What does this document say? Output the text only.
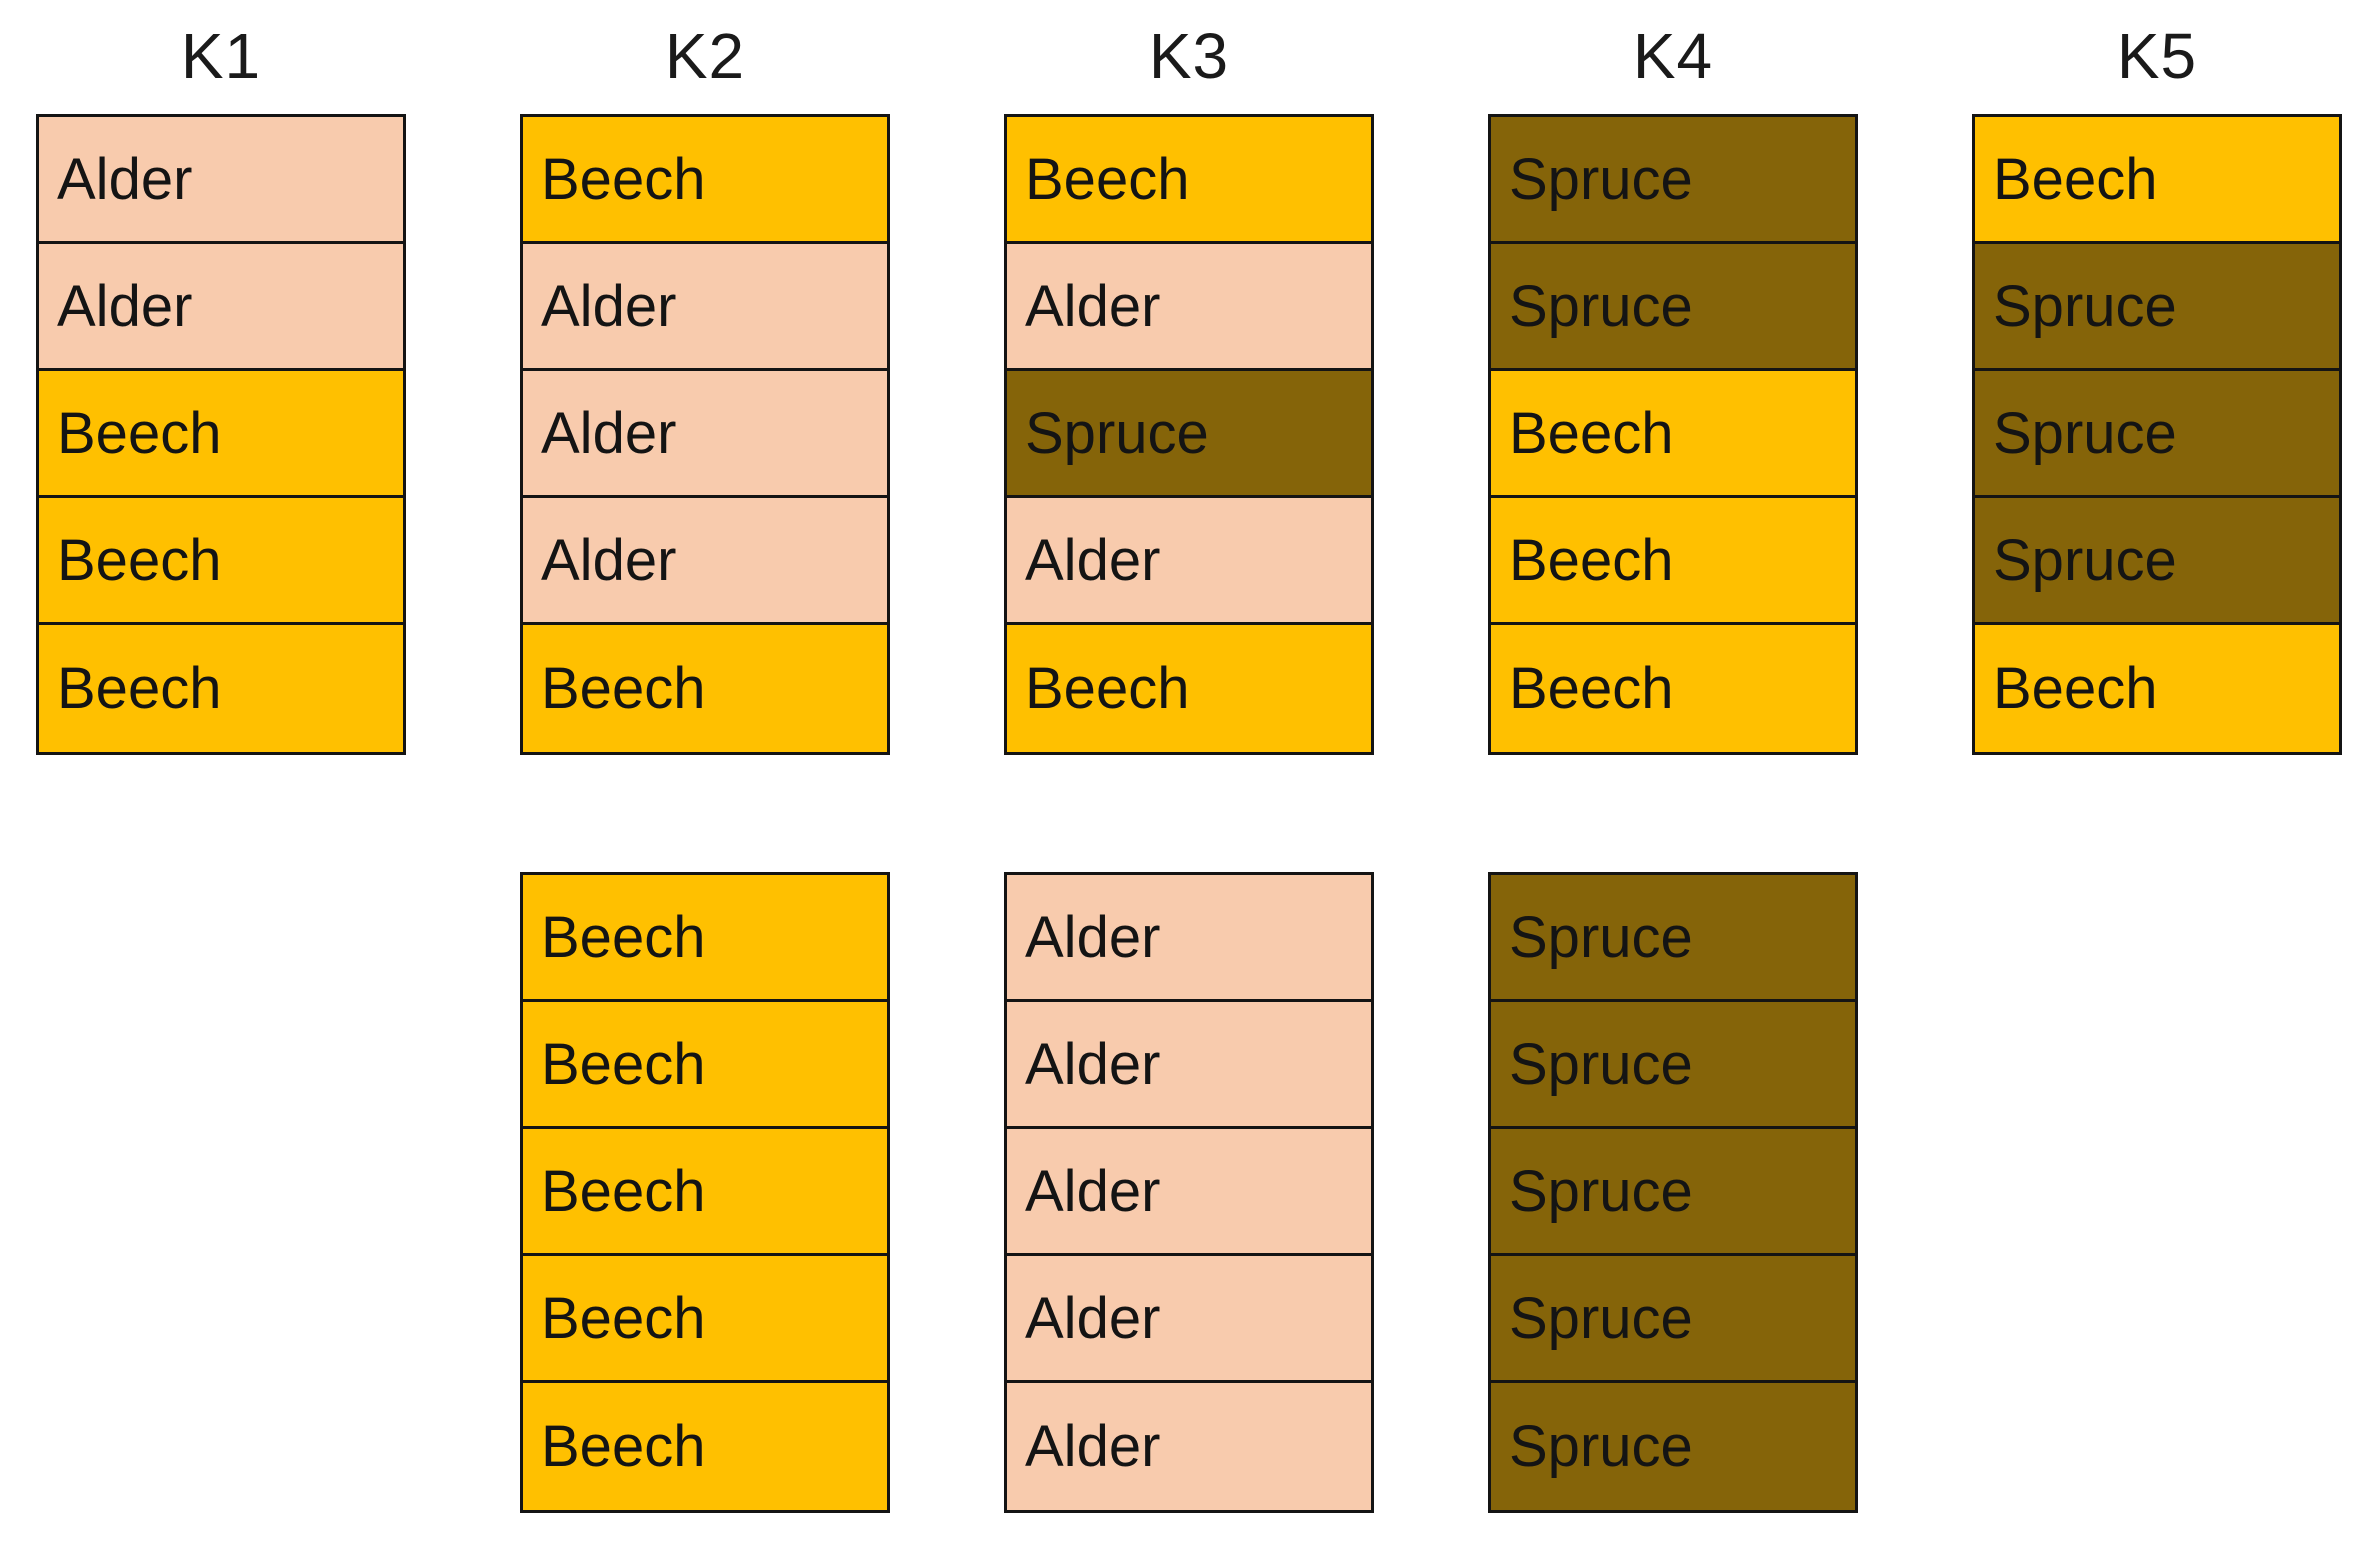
K1
Alder
Alder
Beech
Beech
Beech
K2
Beech
Alder
Alder
Alder
Beech
Beech
Beech
Beech
Beech
Beech
K3
Beech
Alder
Spruce
Alder
Beech
Alder
Alder
Alder
Alder
Alder
K4
Spruce
Spruce
Beech
Beech
Beech
Spruce
Spruce
Spruce
Spruce
Spruce
K5
Beech
Spruce
Spruce
Spruce
Beech
